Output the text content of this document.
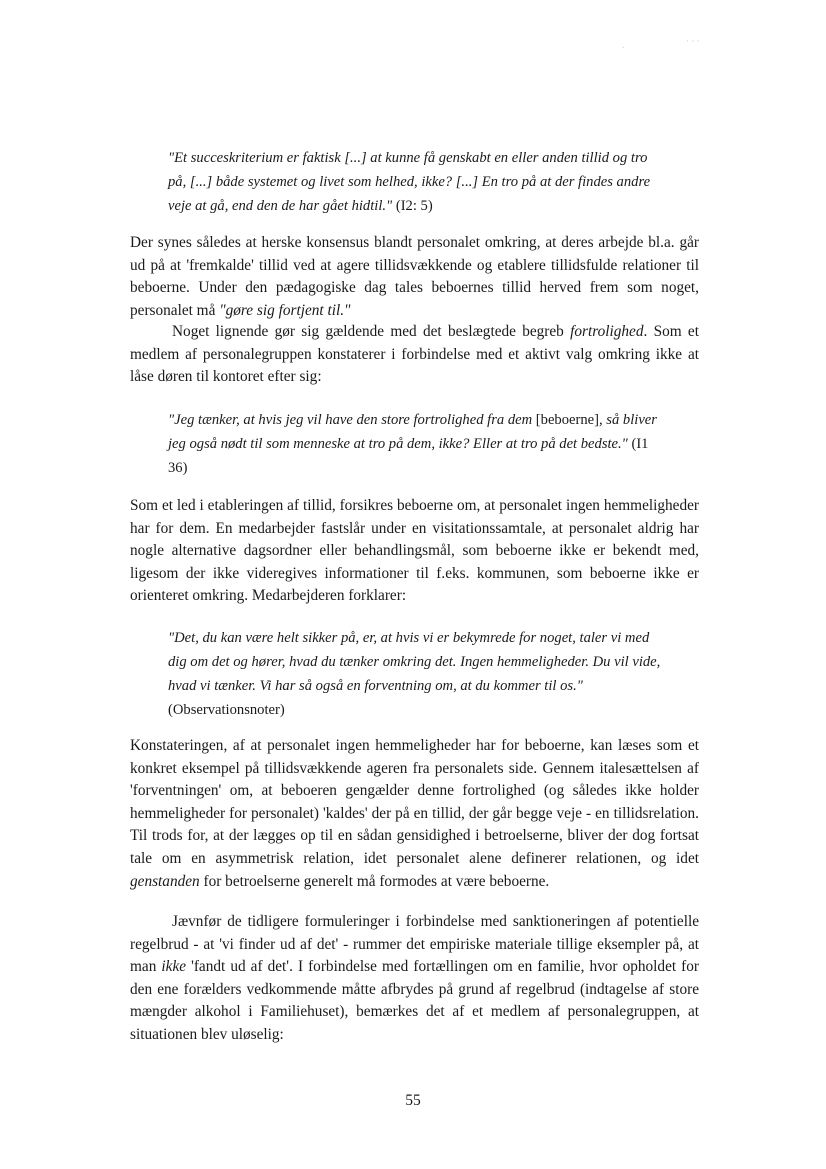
.	· · ·

"Et succeskriterium er faktisk [...] at kunne få genskabt en eller anden tillid og tro på, [...] både systemet og livet som helhed, ikke? [...] En tro på at der findes andre veje at gå, end den de har gået hidtil." (I2: 5)

Der synes således at herske konsensus blandt personalet omkring, at deres arbejde bl.a. går ud på at 'fremkalde' tillid ved at agere tillidsvækkende og etablere tillidsfulde relationer til beboerne. Under den pædagogiske dag tales beboernes tillid herved frem som noget, personalet må "gøre sig fortjent til."

Noget lignende gør sig gældende med det beslægtede begreb fortrolighed. Som et medlem af personalegruppen konstaterer i forbindelse med et aktivt valg omkring ikke at låse døren til kontoret efter sig:

"Jeg tænker, at hvis jeg vil have den store fortrolighed fra dem [beboerne], så bliver jeg også nødt til som menneske at tro på dem, ikke? Eller at tro på det bedste." (I1 36)

Som et led i etableringen af tillid, forsikres beboerne om, at personalet ingen hemmeligheder har for dem. En medarbejder fastslår under en visitationssamtale, at personalet aldrig har nogle alternative dagsordner eller behandlingsmål, som beboerne ikke er bekendt med, ligesom der ikke videregives informationer til f.eks. kommunen, som beboerne ikke er orienteret omkring. Medarbejderen forklarer:

"Det, du kan være helt sikker på, er, at hvis vi er bekymrede for noget, taler vi med dig om det og hører, hvad du tænker omkring det. Ingen hemmeligheder. Du vil vide, hvad vi tænker. Vi har så også en forventning om, at du kommer til os."

(Observationsnoter)

Konstateringen, af at personalet ingen hemmeligheder har for beboerne, kan læses som et konkret eksempel på tillidsvækkende ageren fra personalets side. Gennem italesættelsen af 'forventningen' om, at beboeren gengælder denne fortrolighed (og således ikke holder hemmeligheder for personalet) 'kaldes' der på en tillid, der går begge veje - en tillidsrelation. Til trods for, at der lægges op til en sådan gensidighed i betroelserne, bliver der dog fortsat tale om en asymmetrisk relation, idet personalet alene definerer relationen, og idet genstanden for betroelserne generelt må formodes at være beboerne.

Jævnfør de tidligere formuleringer i forbindelse med sanktioneringen af potentielle regelbrud - at 'vi finder ud af det' - rummer det empiriske materiale tillige eksempler på, at man ikke 'fandt ud af det'. I forbindelse med fortællingen om en familie, hvor opholdet for den ene forælders vedkommende måtte afbrydes på grund af regelbrud (indtagelse af store mængder alkohol i Familiehuset), bemærkes det af et medlem af personalegruppen, at situationen blev uløselig:

55
